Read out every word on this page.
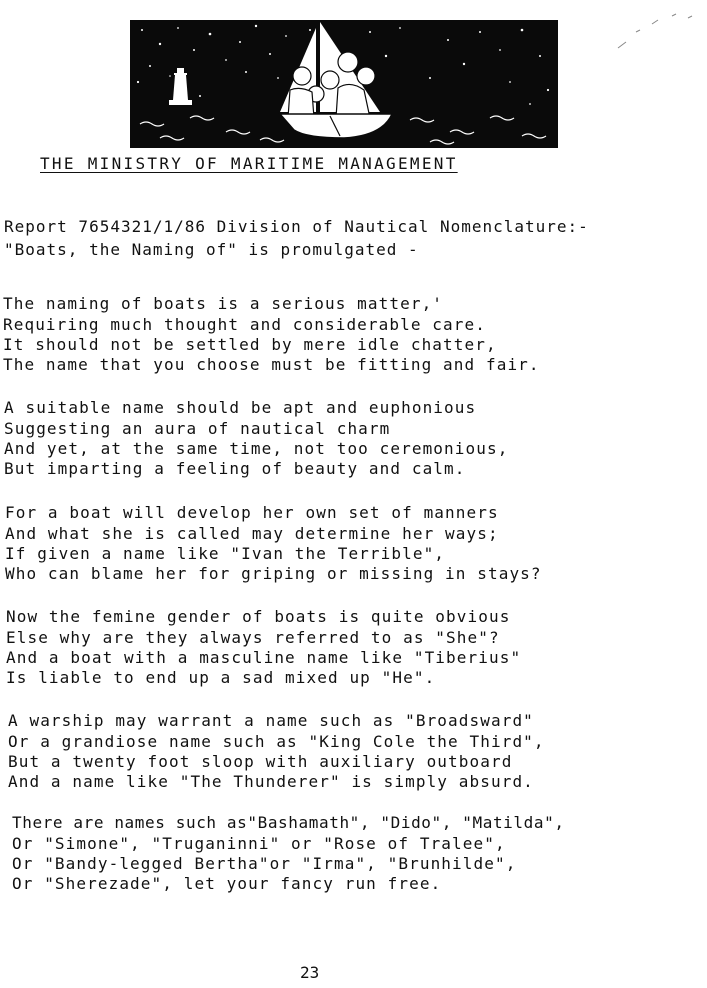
THE MINISTRY OF MARITIME MANAGEMENT
Report 7654321/1/86 Division of Nautical Nomenclature:-
"Boats, the Naming of" is promulgated -
The naming of boats is a serious matter,'
Requiring much thought and considerable care.
It should not be settled by mere idle chatter,
The name that you choose must be fitting and fair.
A suitable name should be apt and euphonious
Suggesting an aura of nautical charm
And yet, at the same time, not too ceremonious,
But imparting a feeling of beauty and calm.
For a boat will develop her own set of manners
And what she is called may determine her ways;
If given a name like "Ivan the Terrible",
Who can blame her for griping or missing in stays?
Now the femine gender of boats is quite obvious
Else why are they always referred to as "She"?
And a boat with a masculine name like "Tiberius"
Is liable to end up a sad mixed up "He".
A warship may warrant a name such as "Broadsward"
Or a grandiose name such as "King Cole the Third",
But a twenty foot sloop with auxiliary outboard
And a name like "The Thunderer" is simply absurd.
There are names such as"Bashamath", "Dido", "Matilda",
Or "Simone", "Truganinni" or "Rose of Tralee",
Or "Bandy-legged Bertha"or "Irma", "Brunhilde",
Or "Sherezade", let your fancy run free.
23
